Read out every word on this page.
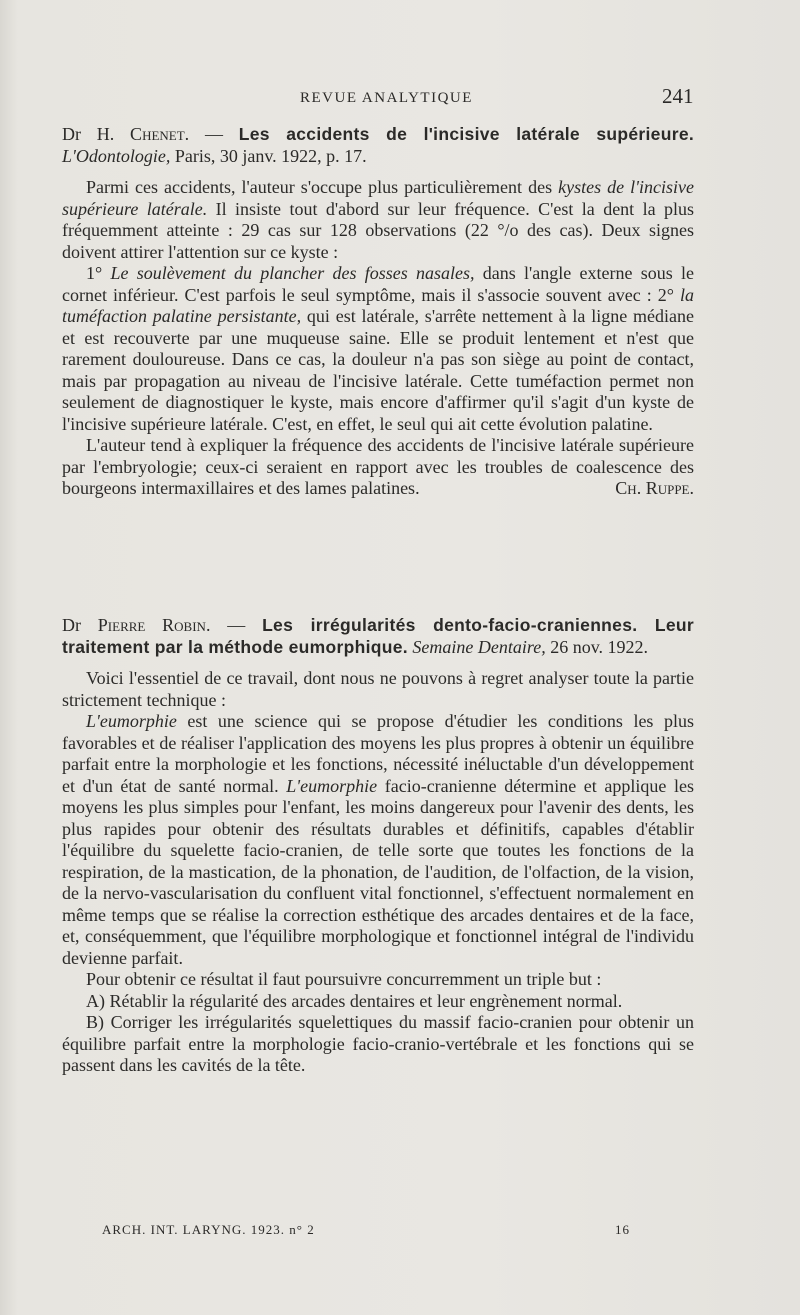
REVUE ANALYTIQUE	241

Dr H. Chenet. — Les accidents de l'incisive latérale supérieure. L'Odontologie, Paris, 30 janv. 1922, p. 17.

Parmi ces accidents, l'auteur s'occupe plus particulièrement des kystes de l'incisive supérieure latérale. Il insiste tout d'abord sur leur fréquence. C'est la dent la plus fréquemment atteinte : 29 cas sur 128 observations (22 °/o des cas). Deux signes doivent attirer l'attention sur ce kyste :

1° Le soulèvement du plancher des fosses nasales, dans l'angle externe sous le cornet inférieur. C'est parfois le seul symptôme, mais il s'associe souvent avec : 2° la tuméfaction palatine persistante, qui est latérale, s'arrête nettement à la ligne médiane et est recouverte par une muqueuse saine. Elle se produit lentement et n'est que rarement douloureuse. Dans ce cas, la douleur n'a pas son siège au point de contact, mais par propagation au niveau de l'incisive latérale. Cette tuméfaction permet non seulement de diagnostiquer le kyste, mais encore d'affirmer qu'il s'agit d'un kyste de l'incisive supérieure latérale. C'est, en effet, le seul qui ait cette évolution palatine.

L'auteur tend à expliquer la fréquence des accidents de l'incisive latérale supérieure par l'embryologie; ceux-ci seraient en rapport avec les troubles de coalescence des bourgeons intermaxillaires et des lames palatines.	Ch. Ruppe.

Dr Pierre Robin. — Les irrégularités dento-facio-craniennes. Leur traitement par la méthode eumorphique. Semaine Dentaire, 26 nov. 1922.

Voici l'essentiel de ce travail, dont nous ne pouvons à regret analyser toute la partie strictement technique :

L'eumorphie est une science qui se propose d'étudier les conditions les plus favorables et de réaliser l'application des moyens les plus propres à obtenir un équilibre parfait entre la morphologie et les fonctions, nécessité inéluctable d'un développement et d'un état de santé normal. L'eumorphie facio-cranienne détermine et applique les moyens les plus simples pour l'enfant, les moins dangereux pour l'avenir des dents, les plus rapides pour obtenir des résultats durables et définitifs, capables d'établir l'équilibre du squelette facio-cranien, de telle sorte que toutes les fonctions de la respiration, de la mastication, de la phonation, de l'audition, de l'olfaction, de la vision, de la nervo-vascularisation du confluent vital fonctionnel, s'effectuent normalement en même temps que se réalise la correction esthétique des arcades dentaires et de la face, et, conséquemment, que l'équilibre morphologique et fonctionnel intégral de l'individu devienne parfait.

Pour obtenir ce résultat il faut poursuivre concurremment un triple but :

A) Rétablir la régularité des arcades dentaires et leur engrènement normal.

B) Corriger les irrégularités squelettiques du massif facio-cranien pour obtenir un équilibre parfait entre la morphologie facio-cranio-vertébrale et les fonctions qui se passent dans les cavités de la tête.

ARCH. INT. LARYNG. 1923. n° 2	16
